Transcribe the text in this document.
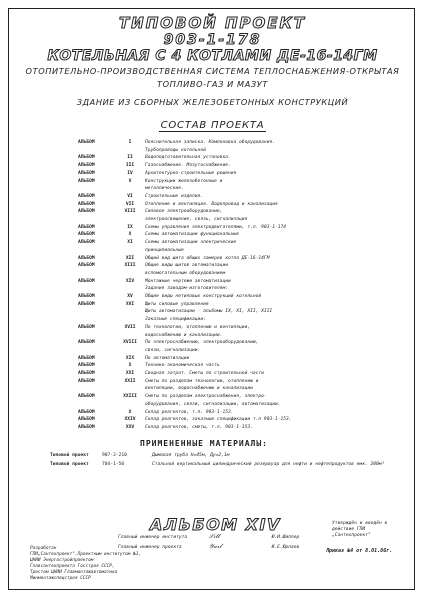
ТИПОВОЙ ПРОЕКТ
903-1-178
КОТЕЛЬНАЯ С 4 КОТЛАМИ ДЕ-16-14ГМ
ОТОПИТЕЛЬНО-ПРОИЗВОДСТВЕННАЯ СИСТЕМА ТЕПЛОСНАБЖЕНИЯ-ОТКРЫТАЯ
ТОПЛИВО-ГАЗ И МАЗУТ
ЗДАНИЕ ИЗ СБОРНЫХ ЖЕЛЕЗОБЕТОННЫХ КОНСТРУКЦИЙ
СОСТАВ ПРОЕКТА
АЛЬБОМ	I	Пояснительная записка. Компоновка оборудования.
Трубопроводы котельной
АЛЬБОМ	II	Водоподготовительная установка.
АЛЬБОМ	III	Газоснабжение. Мазутоснабжение.
АЛЬБОМ	IV	Архитектурно-строительные решения
АЛЬБОМ	V	Конструкции железобетонные и
металлические.
АЛЬБОМ	VI	Строительные изделия.
АЛЬБОМ	VII	Отопление и вентиляция. Водопровод и канализация
АЛЬБОМ	VIII	Силовое электрооборудование,
электроосвещение, связь, сигнализация
АЛЬБОМ	IX	Схемы управления электродвигателями, т.п. 903-1-174
АЛЬБОМ	X	Схемы автоматизации функциональные
АЛЬБОМ	XI	Схемы автоматизации электрические
принципиальные
АЛЬБОМ	XII	Общий вид щита общих замеров котла ДЕ-16-14ГМ
АЛЬБОМ	XIII	Общие виды щитов автоматизации
вспомогательным оборудованием
АЛЬБОМ	XIV	Монтажные чертежи автоматизации
Задания заводам-изготовителям:
АЛЬБОМ	XV	Общие виды нетиповых конструкций котельной
АЛЬБОМ	XVI	Щиты силовые управления
Щиты автоматизации - альбомы IX, XI, XII, XIII
Заказные спецификации:
АЛЬБОМ	XVII	По технологии, отоплению и вентиляции,
водоснабжению и канализации.
АЛЬБОМ	XVIII	По электроснабжению, электрооборудованию,
связи, сигнализации.
АЛЬБОМ	XIX	По автоматизации
АЛЬБОМ	X	Технико-экономическая часть
АЛЬБОМ	XXI	Сводная затрат. Сметы по строительной части
АЛЬБОМ	XXII	Сметы по разделам технологии, отоплению и
вентиляции, водоснабжению и канализации
АЛЬБОМ	XXIII	Сметы по разделам электроснабжения, электро-
оборудования, связи, сигнализации, автоматизации.
АЛЬБОМ	X	Склад реагентов, т.п. 903-1-153.
АЛЬБОМ	XXIV	Склад реагентов, заказные спецификации т.п 903-1-153.
АЛЬБОМ	XXV	Склад реагентов, сметы, т.п. 903-1-153.
ПРИМЕНЕННЫЕ МАТЕРИАЛЫ:
Типовой проект	907-2-210	Дымовая труба Н=45м, Ду=2,1м
Типовой проект	704-1-50	Стальной вертикальный цилиндрический резервуар для нефти и нефтепродуктов емк. 200м³
АЛЬБОМ XIV
Главный инженер института	𝒮𝒾𝓁𝓁	Ю.И.Шиллер
Главный инженер проекта	𝒴𝓊𝓇𝓁	И.Е.Юрлаев
Утверждён и введён в действие ГПИ „Сантехпроект"
Приказ №4 от 8.01.86г.
Разработан
ГПИ„Сантехпроект",Проектным институтом №1,
ЦНИИ Энергостройпроектом
Главсантехпроекта Госстроя СССР,
Трестом ЦНИИ Главмонтажавтоматика
Минмонтажспецстроя СССР
